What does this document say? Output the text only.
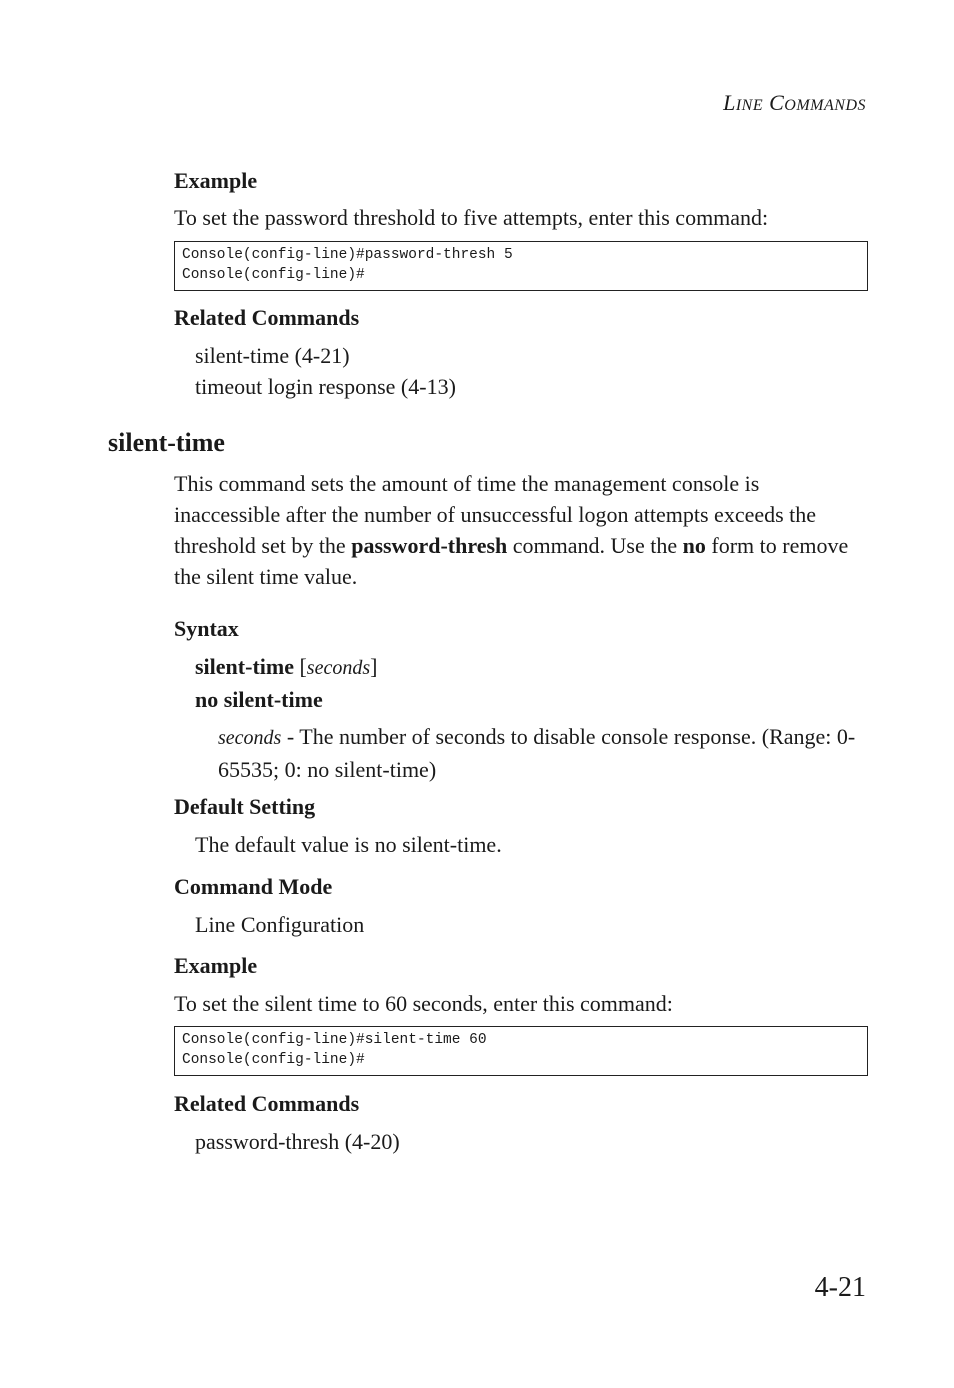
LINE COMMANDS
Example
To set the password threshold to five attempts, enter this command:
Console(config-line)#password-thresh 5
Console(config-line)#
Related Commands
silent-time (4-21)
timeout login response (4-13)
silent-time
This command sets the amount of time the management console is inaccessible after the number of unsuccessful logon attempts exceeds the threshold set by the password-thresh command. Use the no form to remove the silent time value.
Syntax
silent-time [seconds]
no silent-time
seconds - The number of seconds to disable console response. (Range: 0-65535; 0: no silent-time)
Default Setting
The default value is no silent-time.
Command Mode
Line Configuration
Example
To set the silent time to 60 seconds, enter this command:
Console(config-line)#silent-time 60
Console(config-line)#
Related Commands
password-thresh (4-20)
4-21
